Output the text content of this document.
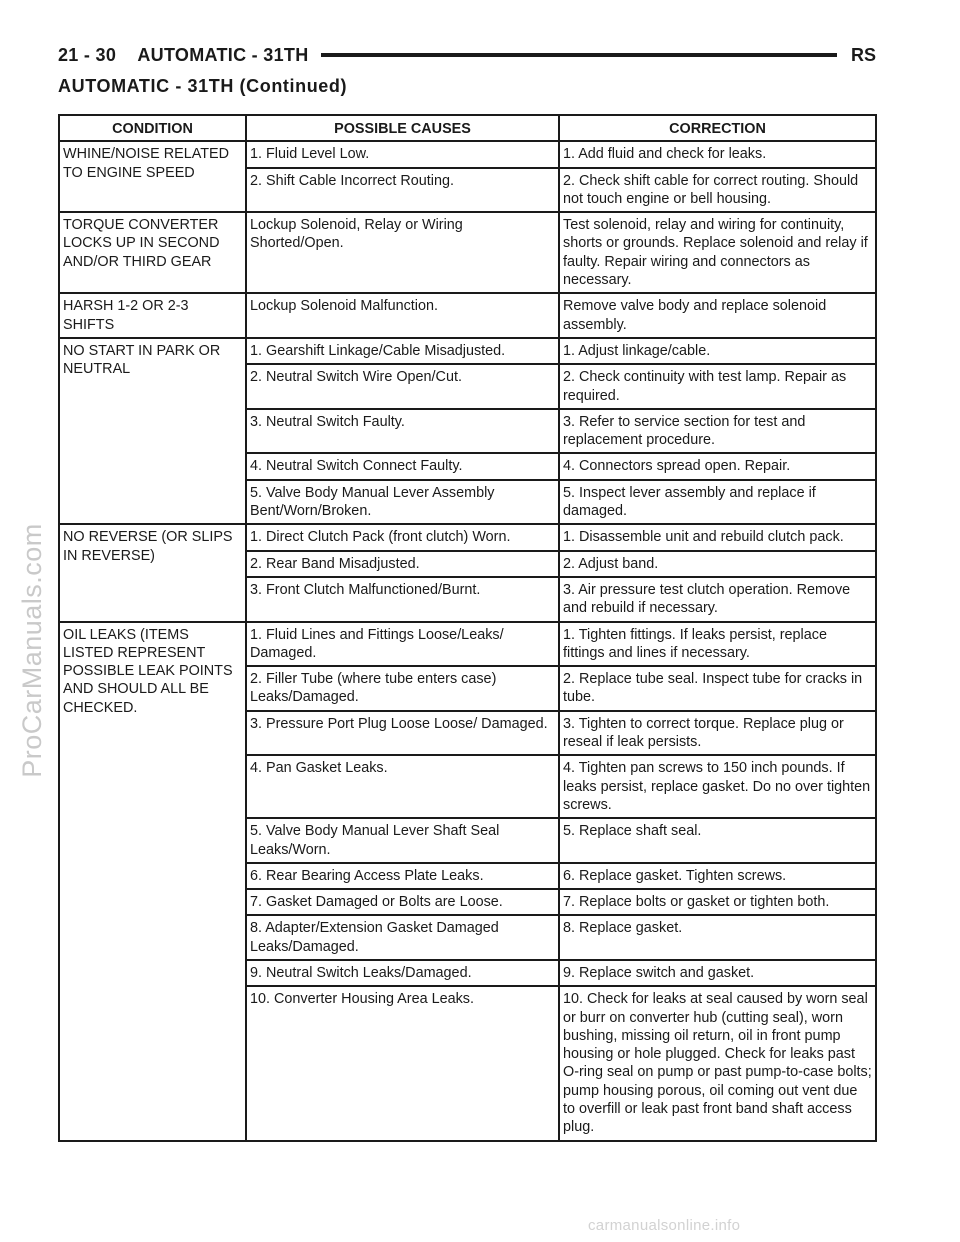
21 - 30 AUTOMATIC - 31TH	RS
AUTOMATIC - 31TH (Continued)
ProCarManuals.com
CONDITION	POSSIBLE CAUSES	CORRECTION
WHINE/NOISE RELATED TO ENGINE SPEED	1. Fluid Level Low.	1. Add fluid and check for leaks.
	2. Shift Cable Incorrect Routing.	2. Check shift cable for correct routing. Should not touch engine or bell housing.
TORQUE CONVERTER LOCKS UP IN SECOND AND/OR THIRD GEAR	Lockup Solenoid, Relay or Wiring Shorted/Open.	Test solenoid, relay and wiring for continuity, shorts or grounds. Replace solenoid and relay if faulty. Repair wiring and connectors as necessary.
HARSH 1-2 OR 2-3 SHIFTS	Lockup Solenoid Malfunction.	Remove valve body and replace solenoid assembly.
NO START IN PARK OR NEUTRAL	1. Gearshift Linkage/Cable Misadjusted.	1. Adjust linkage/cable.
	2. Neutral Switch Wire Open/Cut.	2. Check continuity with test lamp. Repair as required.
	3. Neutral Switch Faulty.	3. Refer to service section for test and replacement procedure.
	4. Neutral Switch Connect Faulty.	4. Connectors spread open. Repair.
	5. Valve Body Manual Lever Assembly Bent/Worn/Broken.	5. Inspect lever assembly and replace if damaged.
NO REVERSE (OR SLIPS IN REVERSE)	1. Direct Clutch Pack (front clutch) Worn.	1. Disassemble unit and rebuild clutch pack.
	2. Rear Band Misadjusted.	2. Adjust band.
	3. Front Clutch Malfunctioned/Burnt.	3. Air pressure test clutch operation. Remove and rebuild if necessary.
OIL LEAKS (ITEMS LISTED REPRESENT POSSIBLE LEAK POINTS AND SHOULD ALL BE CHECKED.	1. Fluid Lines and Fittings Loose/Leaks/ Damaged.	1. Tighten fittings. If leaks persist, replace fittings and lines if necessary.
	2. Filler Tube (where tube enters case) Leaks/Damaged.	2. Replace tube seal. Inspect tube for cracks in tube.
	3. Pressure Port Plug Loose Loose/ Damaged.	3. Tighten to correct torque. Replace plug or reseal if leak persists.
	4. Pan Gasket Leaks.	4. Tighten pan screws to 150 inch pounds. If leaks persist, replace gasket. Do no over tighten screws.
	5. Valve Body Manual Lever Shaft Seal Leaks/Worn.	5. Replace shaft seal.
	6. Rear Bearing Access Plate Leaks.	6. Replace gasket. Tighten screws.
	7. Gasket Damaged or Bolts are Loose.	7. Replace bolts or gasket or tighten both.
	8. Adapter/Extension Gasket Damaged Leaks/Damaged.	8. Replace gasket.
	9. Neutral Switch Leaks/Damaged.	9. Replace switch and gasket.
	10. Converter Housing Area Leaks.	10. Check for leaks at seal caused by worn seal or burr on converter hub (cutting seal), worn bushing, missing oil return, oil in front pump housing or hole plugged. Check for leaks past O-ring seal on pump or past pump-to-case bolts; pump housing porous, oil coming out vent due to overfill or leak past front band shaft access plug.
carmanualsonline.info
